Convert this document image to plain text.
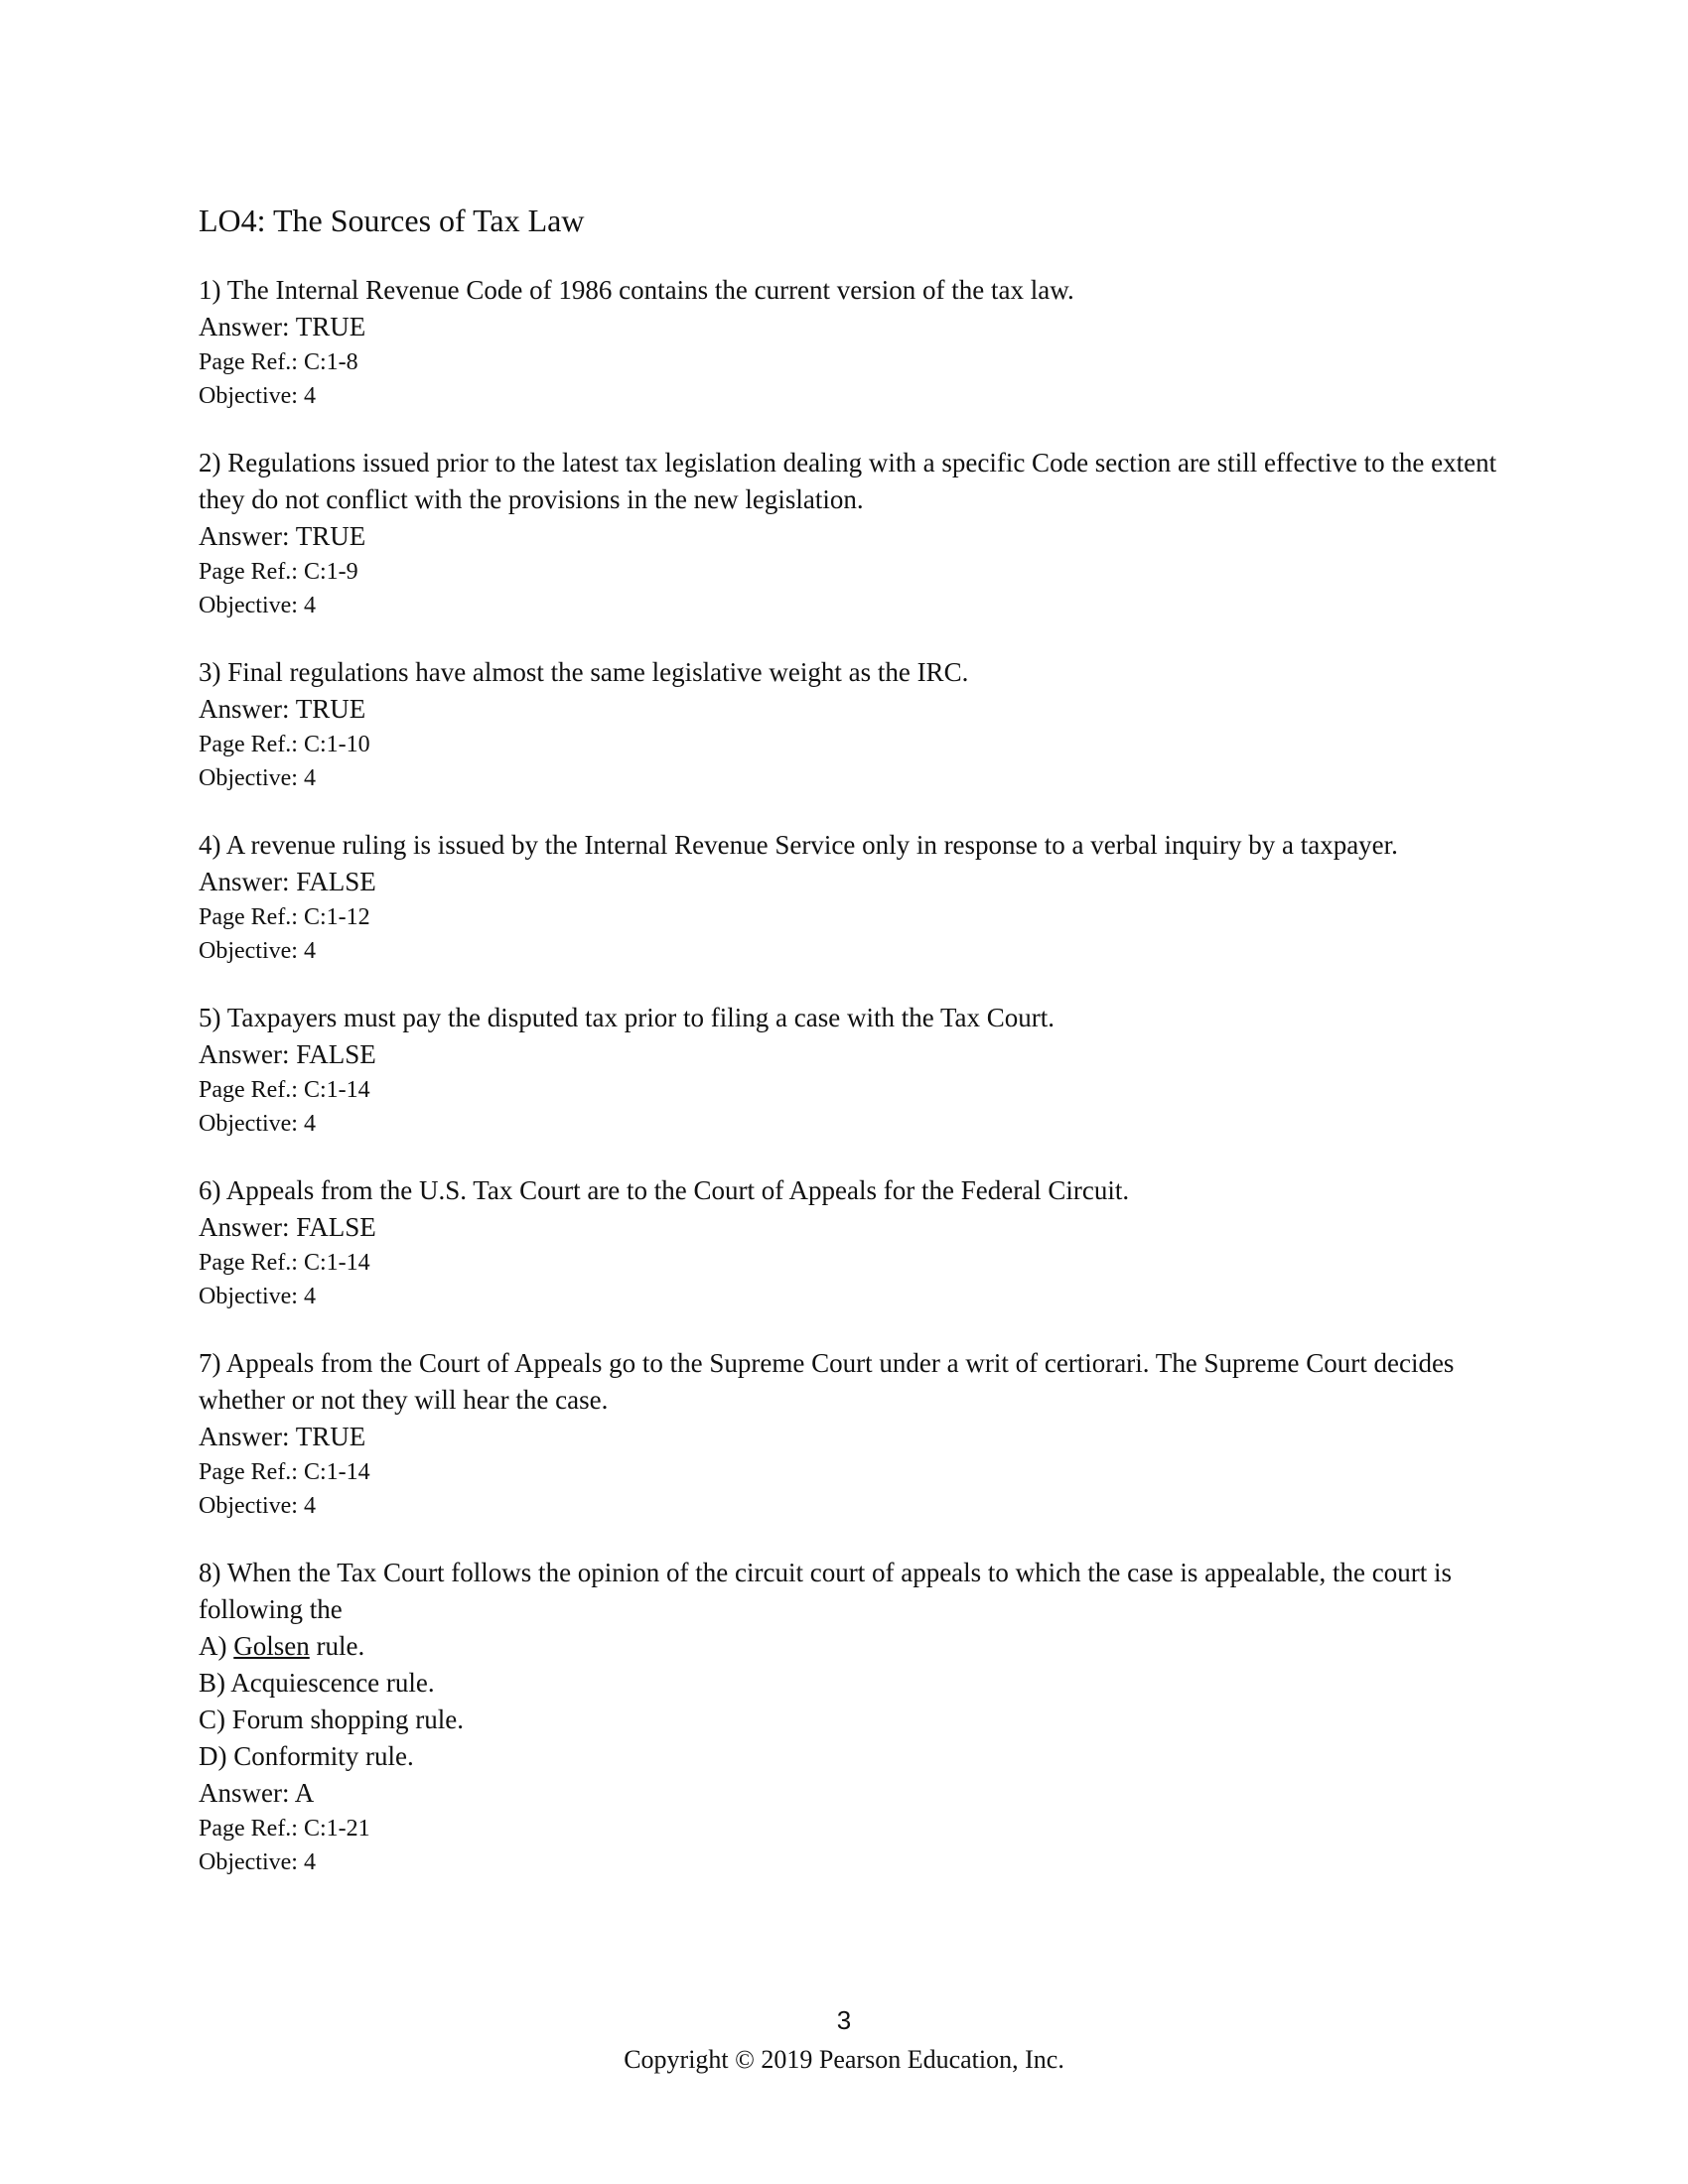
LO4: The Sources of Tax Law
1) The Internal Revenue Code of 1986 contains the current version of the tax law.
Answer: TRUE
Page Ref.: C:1-8
Objective: 4
2) Regulations issued prior to the latest tax legislation dealing with a specific Code section are still effective to the extent they do not conflict with the provisions in the new legislation.
Answer: TRUE
Page Ref.: C:1-9
Objective: 4
3) Final regulations have almost the same legislative weight as the IRC.
Answer: TRUE
Page Ref.: C:1-10
Objective: 4
4) A revenue ruling is issued by the Internal Revenue Service only in response to a verbal inquiry by a taxpayer.
Answer: FALSE
Page Ref.: C:1-12
Objective: 4
5) Taxpayers must pay the disputed tax prior to filing a case with the Tax Court.
Answer: FALSE
Page Ref.: C:1-14
Objective: 4
6) Appeals from the U.S. Tax Court are to the Court of Appeals for the Federal Circuit.
Answer: FALSE
Page Ref.: C:1-14
Objective: 4
7) Appeals from the Court of Appeals go to the Supreme Court under a writ of certiorari. The Supreme Court decides whether or not they will hear the case.
Answer: TRUE
Page Ref.: C:1-14
Objective: 4
8) When the Tax Court follows the opinion of the circuit court of appeals to which the case is appealable, the court is following the
A) Golsen rule.
B) Acquiescence rule.
C) Forum shopping rule.
D) Conformity rule.
Answer: A
Page Ref.: C:1-21
Objective: 4
3
Copyright © 2019 Pearson Education, Inc.
